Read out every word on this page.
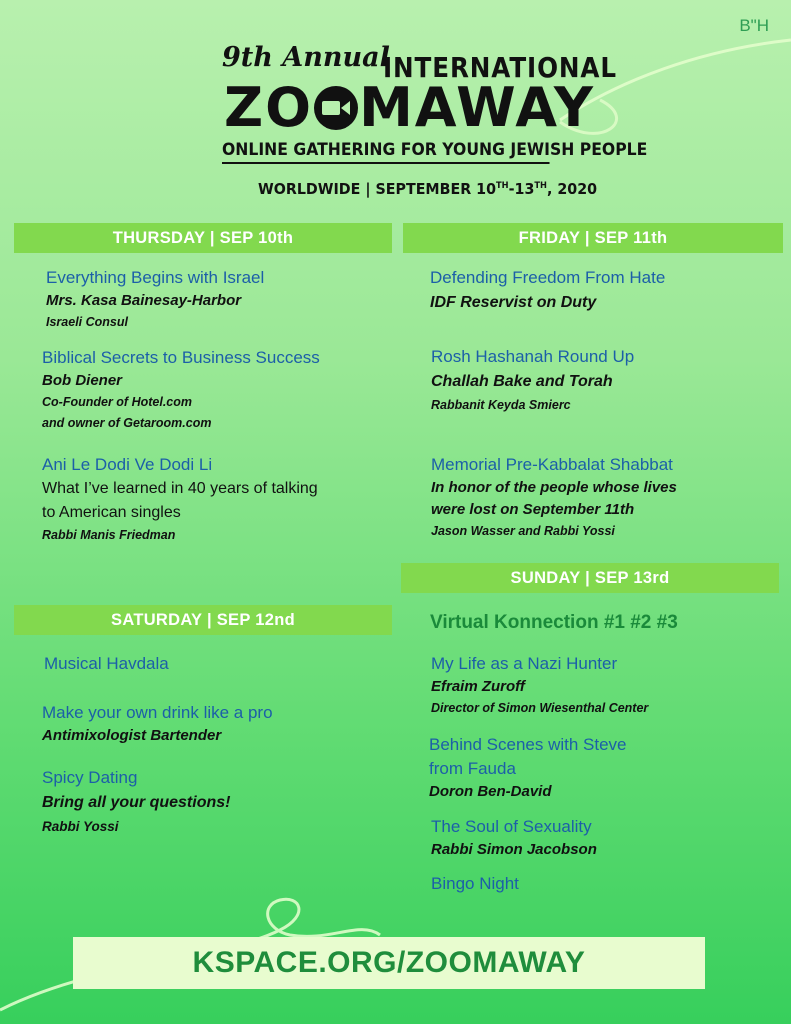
B"H
9th Annual
INTERNATIONAL
ZO MAWAY
ONLINE GATHERING FOR YOUNG JEWISH PEOPLE
WORLDWIDE | SEPTEMBER 10TH-13TH, 2020
THURSDAY | SEP 10th	FRIDAY | SEP 11th
SUNDAY | SEP 13rd
SATURDAY | SEP 12nd
Everything Begins with Israel
Mrs. Kasa Bainesay-Harbor
Israeli Consul
Biblical Secrets to Business Success
Bob Diener
Co-Founder of Hotel.com
and owner of Getaroom.com
Ani Le Dodi Ve Dodi Li
What I’ve learned in 40 years of talking
to American singles
Rabbi Manis Friedman
Defending Freedom From Hate
IDF Reservist on Duty
Rosh Hashanah Round Up
Challah Bake and Torah
Rabbanit Keyda Smierc
Memorial Pre-Kabbalat Shabbat
In honor of the people whose lives
were lost on September 11th
Jason Wasser and Rabbi Yossi
Musical Havdala
Make your own drink like a pro
Antimixologist Bartender
Spicy Dating
Bring all your questions!
Rabbi Yossi
Virtual Konnection #1 #2 #3
My Life as a Nazi Hunter
Efraim Zuroff
Director of Simon Wiesenthal Center
Behind Scenes with Steve
from Fauda
Doron Ben-David
The Soul of Sexuality
Rabbi Simon Jacobson
Bingo Night
KSPACE.ORG/ZOOMAWAY
